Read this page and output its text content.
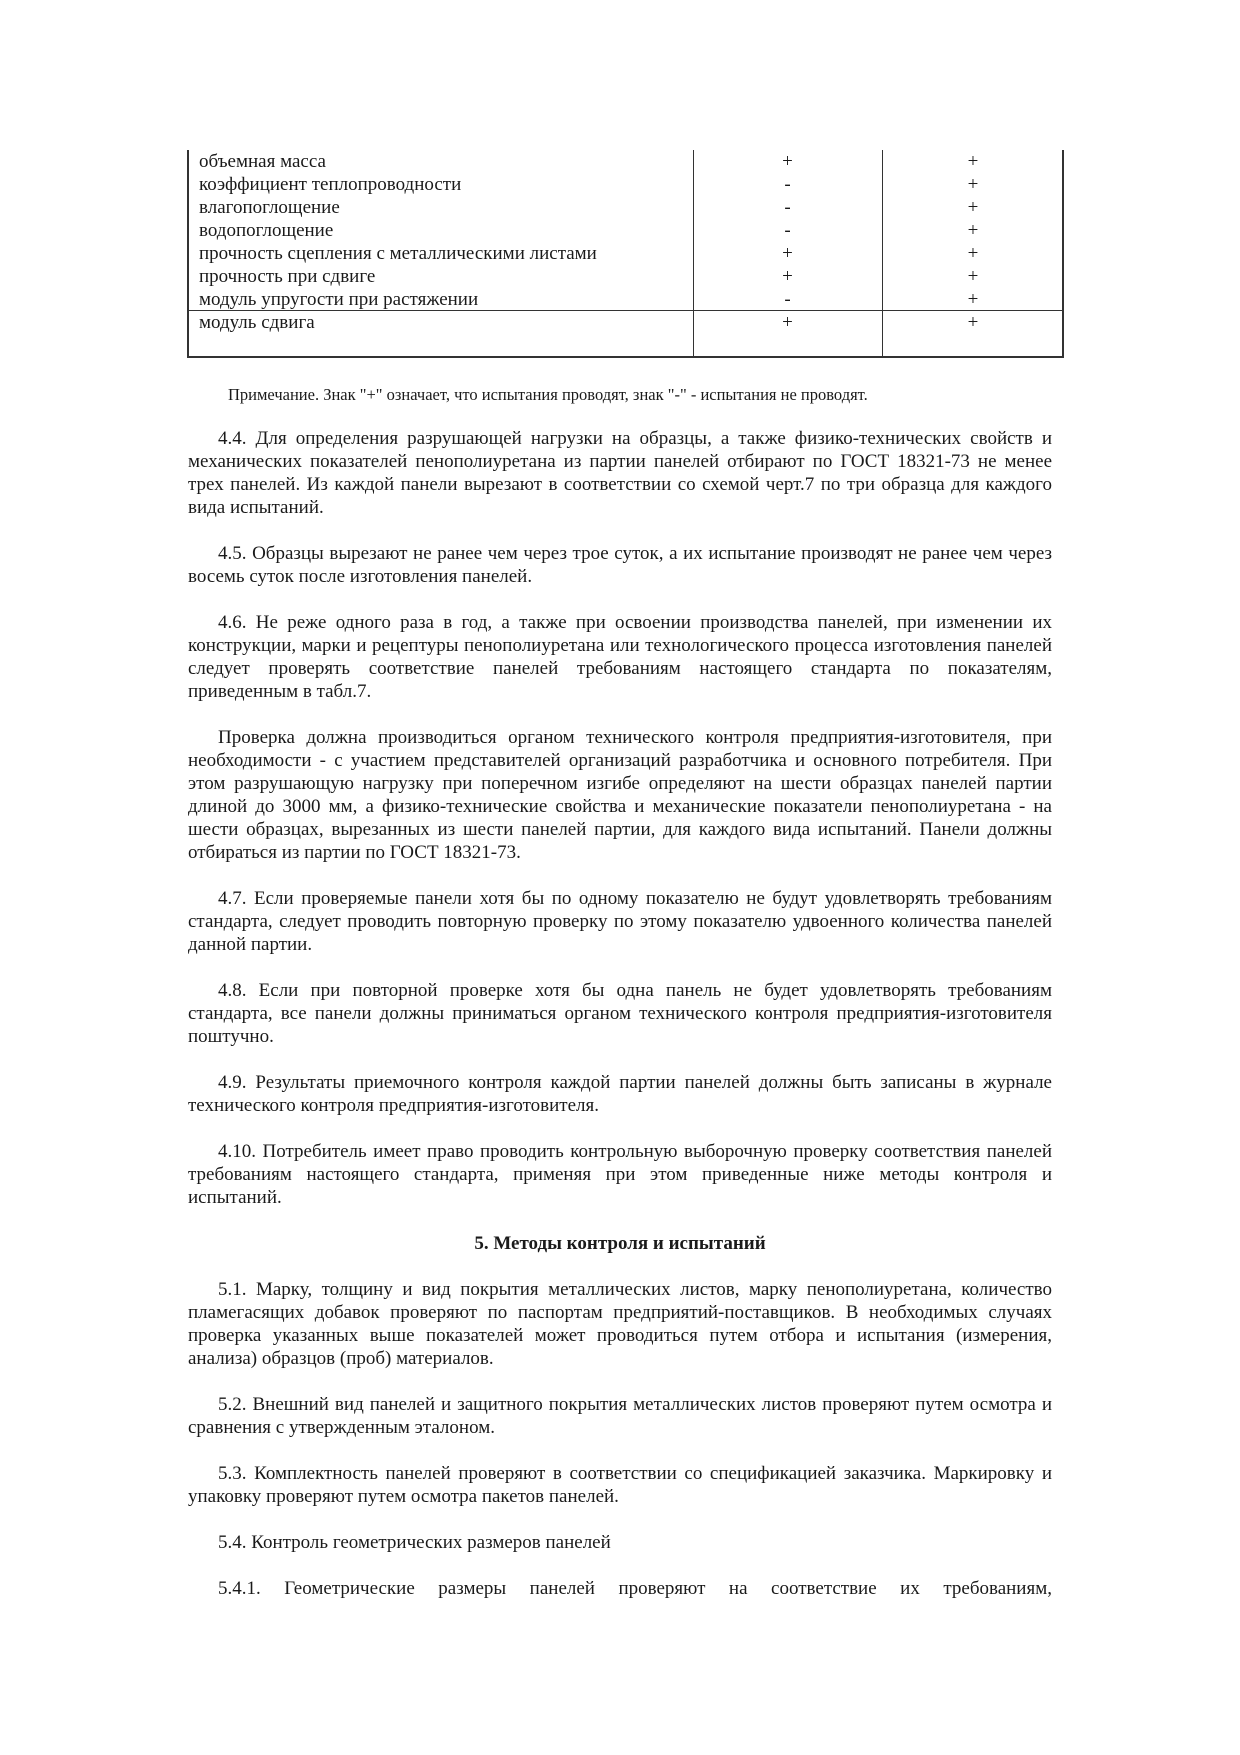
объемная масса	+	+
коэффициент теплопроводности	-	+
влагопоглощение	-	+
водопоглощение	-	+
прочность сцепления с металлическими листами	+	+
прочность при сдвиге	+	+
модуль упругости при растяжении	-	+
модуль сдвига	+	+
Примечание. Знак "+" означает, что испытания проводят, знак "-" - испытания не проводят.

4.4. Для определения разрушающей нагрузки на образцы, а также физико-технических свойств и механических показателей пенополиуретана из партии панелей отбирают по ГОСТ 18321-73 не менее трех панелей. Из каждой панели вырезают в соответствии со схемой черт.7 по три образца для каждого вида испытаний.

4.5. Образцы вырезают не ранее чем через трое суток, а их испытание производят не ранее чем через восемь суток после изготовления панелей.

4.6. Не реже одного раза в год, а также при освоении производства панелей, при изменении их конструкции, марки и рецептуры пенополиуретана или технологического процесса изготовления панелей следует проверять соответствие панелей требованиям настоящего стандарта по показателям, приведенным в табл.7.

Проверка должна производиться органом технического контроля предприятия-изготовителя, при необходимости - с участием представителей организаций разработчика и основного потребителя. При этом разрушающую нагрузку при поперечном изгибе определяют на шести образцах панелей партии длиной до 3000 мм, а физико-технические свойства и механические показатели пенополиуретана - на шести образцах, вырезанных из шести панелей партии, для каждого вида испытаний. Панели должны отбираться из партии по ГОСТ 18321-73.

4.7. Если проверяемые панели хотя бы по одному показателю не будут удовлетворять требованиям стандарта, следует проводить повторную проверку по этому показателю удвоенного количества панелей данной партии.

4.8. Если при повторной проверке хотя бы одна панель не будет удовлетворять требованиям стандарта, все панели должны приниматься органом технического контроля предприятия-изготовителя поштучно.

4.9. Результаты приемочного контроля каждой партии панелей должны быть записаны в журнале технического контроля предприятия-изготовителя.

4.10. Потребитель имеет право проводить контрольную выборочную проверку соответствия панелей требованиям настоящего стандарта, применяя при этом приведенные ниже методы контроля и испытаний.

5. Методы контроля и испытаний

5.1. Марку, толщину и вид покрытия металлических листов, марку пенополиуретана, количество пламегасящих добавок проверяют по паспортам предприятий-поставщиков. В необходимых случаях проверка указанных выше показателей может проводиться путем отбора и испытания (измерения, анализа) образцов (проб) материалов.

5.2. Внешний вид панелей и защитного покрытия металлических листов проверяют путем осмотра и сравнения с утвержденным эталоном.

5.3. Комплектность панелей проверяют в соответствии со спецификацией заказчика. Маркировку и упаковку проверяют путем осмотра пакетов панелей.

5.4. Контроль геометрических размеров панелей

5.4.1. Геометрические размеры панелей проверяют на соответствие их требованиям,
